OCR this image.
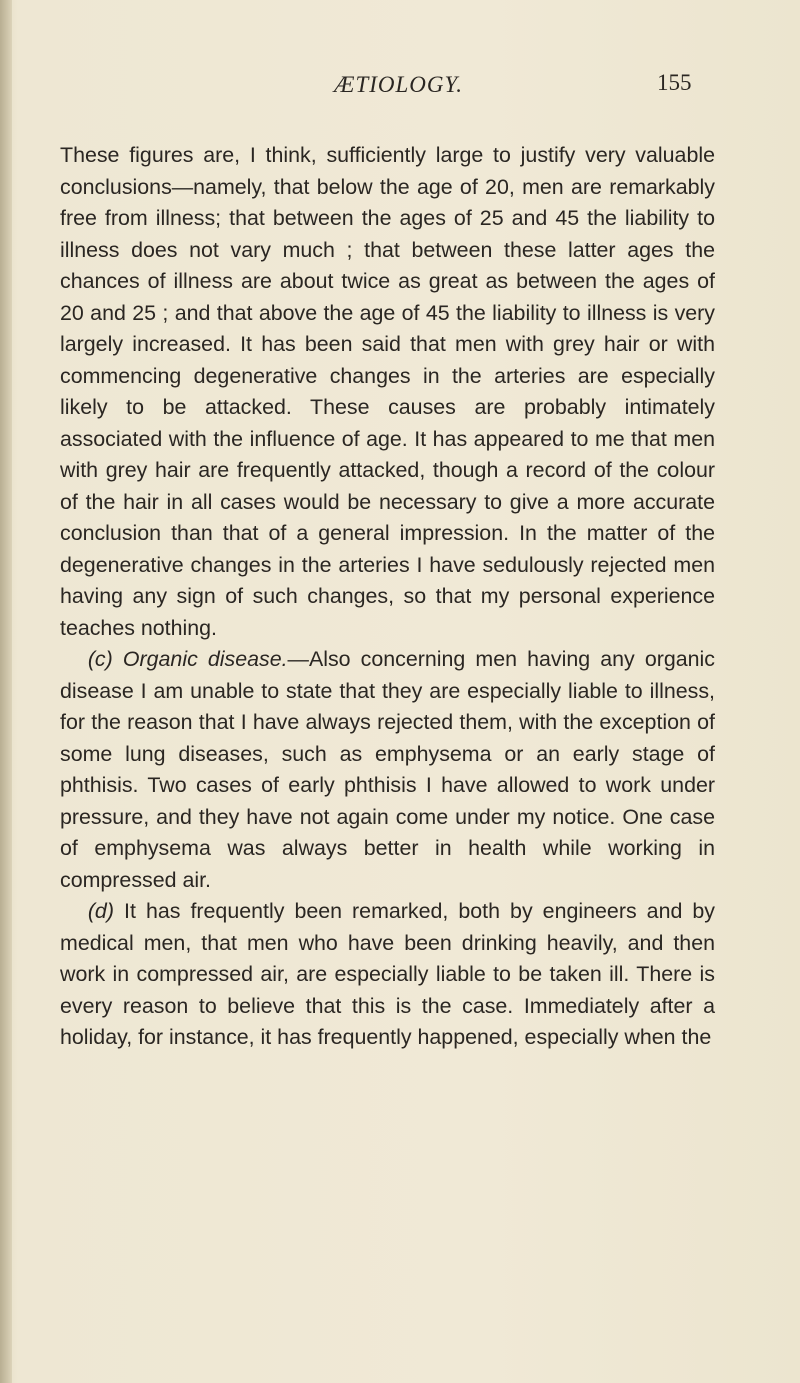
ÆTIOLOGY.	155

These figures are, I think, sufficiently large to justify very valuable conclusions—namely, that below the age of 20, men are remarkably free from illness; that between the ages of 25 and 45 the liability to illness does not vary much ; that between these latter ages the chances of illness are about twice as great as between the ages of 20 and 25 ; and that above the age of 45 the liability to illness is very largely increased. It has been said that men with grey hair or with commencing degenerative changes in the arteries are especially likely to be attacked. These causes are probably intimately associated with the influence of age. It has appeared to me that men with grey hair are frequently attacked, though a record of the colour of the hair in all cases would be necessary to give a more accurate conclusion than that of a general impression. In the matter of the degenerative changes in the arteries I have sedulously rejected men having any sign of such changes, so that my personal experience teaches nothing.

(c) Organic disease.—Also concerning men having any organic disease I am unable to state that they are especially liable to illness, for the reason that I have always rejected them, with the exception of some lung diseases, such as emphysema or an early stage of phthisis. Two cases of early phthisis I have allowed to work under pressure, and they have not again come under my notice. One case of emphysema was always better in health while working in compressed air.

(d) It has frequently been remarked, both by engineers and by medical men, that men who have been drinking heavily, and then work in compressed air, are especially liable to be taken ill. There is every reason to believe that this is the case. Immediately after a holiday, for instance, it has frequently happened, especially when the
